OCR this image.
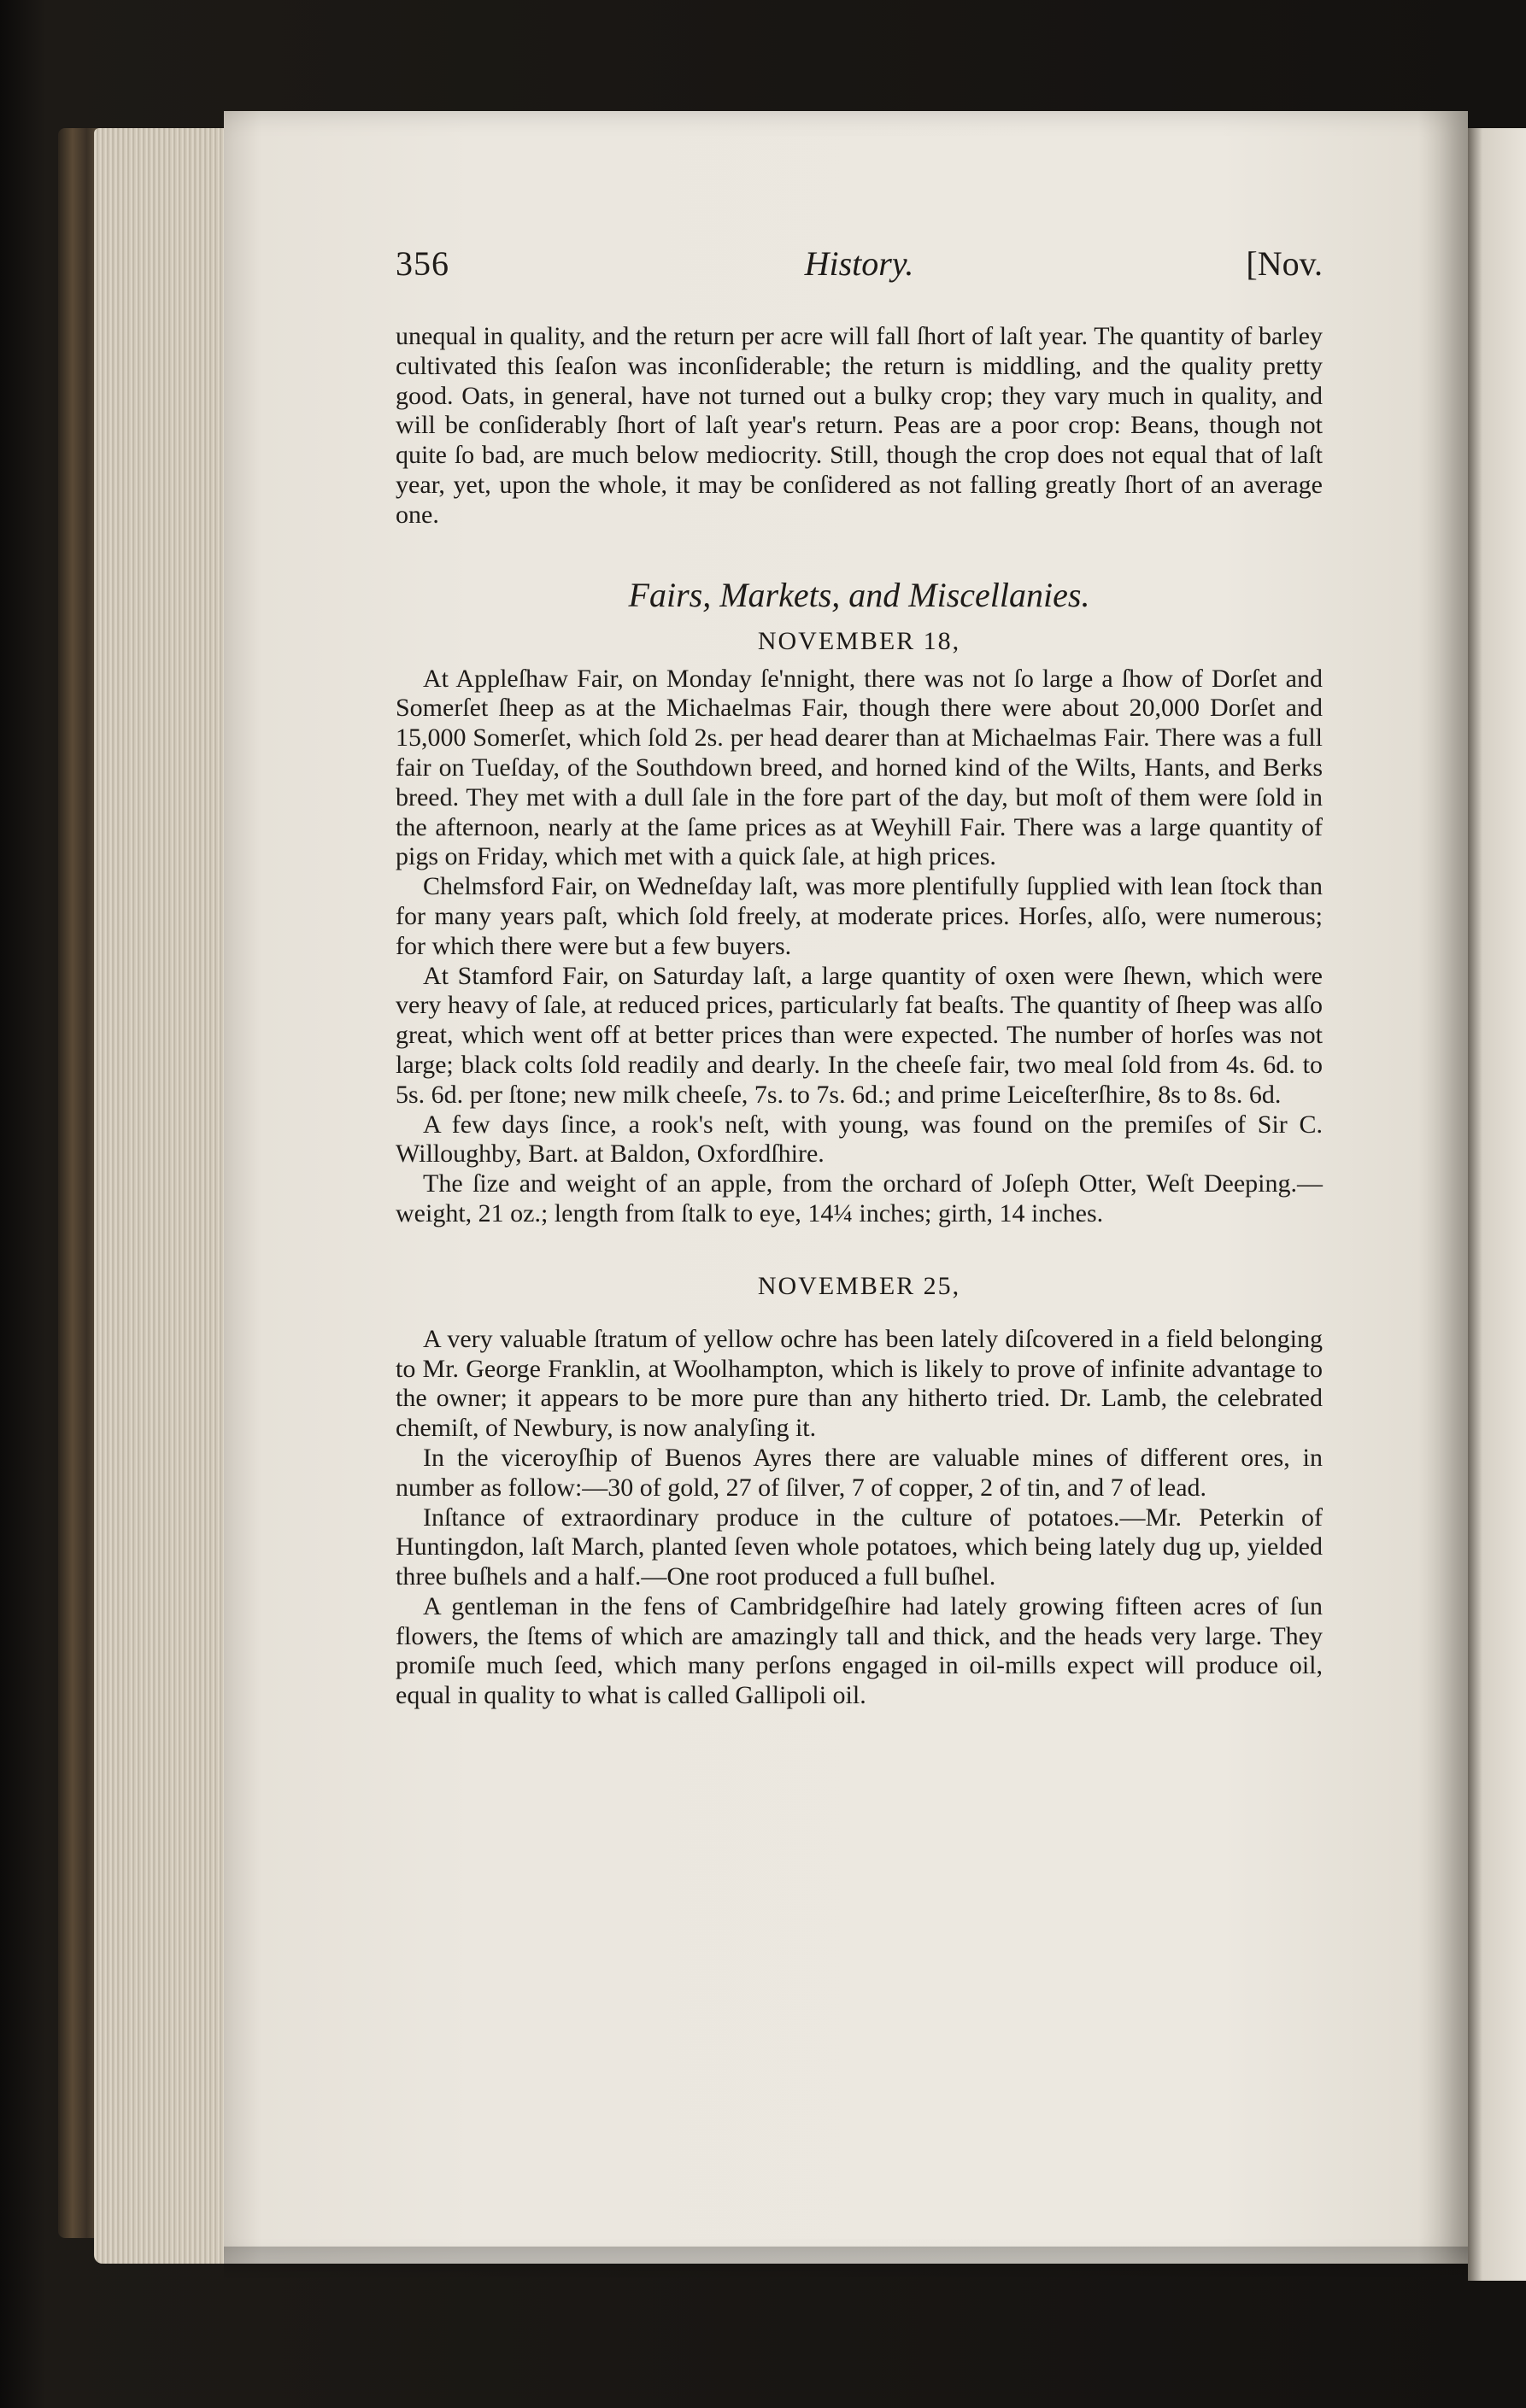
356	History.	[Nov.

unequal in quality, and the return per acre will fall ſhort of laſt year. The quantity of barley cultivated this ſeaſon was inconſiderable; the return is middling, and the quality pretty good. Oats, in general, have not turned out a bulky crop; they vary much in quality, and will be conſiderably ſhort of laſt year's return. Peas are a poor crop: Beans, though not quite ſo bad, are much below mediocrity. Still, though the crop does not equal that of laſt year, yet, upon the whole, it may be conſidered as not falling greatly ſhort of an average one.

Fairs, Markets, and Miscellanies.
NOVEMBER 18,

At Appleſhaw Fair, on Monday ſe'nnight, there was not ſo large a ſhow of Dorſet and Somerſet ſheep as at the Michaelmas Fair, though there were about 20,000 Dorſet and 15,000 Somerſet, which ſold 2s. per head dearer than at Michaelmas Fair. There was a full fair on Tueſday, of the Southdown breed, and horned kind of the Wilts, Hants, and Berks breed. They met with a dull ſale in the fore part of the day, but moſt of them were ſold in the afternoon, nearly at the ſame prices as at Weyhill Fair. There was a large quantity of pigs on Friday, which met with a quick ſale, at high prices.

Chelmsford Fair, on Wedneſday laſt, was more plentifully ſupplied with lean ſtock than for many years paſt, which ſold freely, at moderate prices. Horſes, alſo, were numerous; for which there were but a few buyers.

At Stamford Fair, on Saturday laſt, a large quantity of oxen were ſhewn, which were very heavy of ſale, at reduced prices, particularly fat beaſts. The quantity of ſheep was alſo great, which went off at better prices than were expected. The number of horſes was not large; black colts ſold readily and dearly. In the cheeſe fair, two meal ſold from 4s. 6d. to 5s. 6d. per ſtone; new milk cheeſe, 7s. to 7s. 6d.; and prime Leiceſterſhire, 8s to 8s. 6d.

A few days ſince, a rook's neſt, with young, was found on the premiſes of Sir C. Willoughby, Bart. at Baldon, Oxfordſhire.

The ſize and weight of an apple, from the orchard of Joſeph Otter, Weſt Deeping.—weight, 21 oz.; length from ſtalk to eye, 14¼ inches; girth, 14 inches.

NOVEMBER 25,

A very valuable ſtratum of yellow ochre has been lately diſcovered in a field belonging to Mr. George Franklin, at Woolhampton, which is likely to prove of infinite advantage to the owner; it appears to be more pure than any hitherto tried. Dr. Lamb, the celebrated chemiſt, of Newbury, is now analyſing it.

In the viceroyſhip of Buenos Ayres there are valuable mines of different ores, in number as follow:—30 of gold, 27 of ſilver, 7 of copper, 2 of tin, and 7 of lead.

Inſtance of extraordinary produce in the culture of potatoes.—Mr. Peterkin of Huntingdon, laſt March, planted ſeven whole potatoes, which being lately dug up, yielded three buſhels and a half.—One root produced a full buſhel.

A gentleman in the fens of Cambridgeſhire had lately growing fifteen acres of ſun flowers, the ſtems of which are amazingly tall and thick, and the heads very large. They promiſe much ſeed, which many perſons engaged in oil-mills expect will produce oil, equal in quality to what is called Gallipoli oil.
